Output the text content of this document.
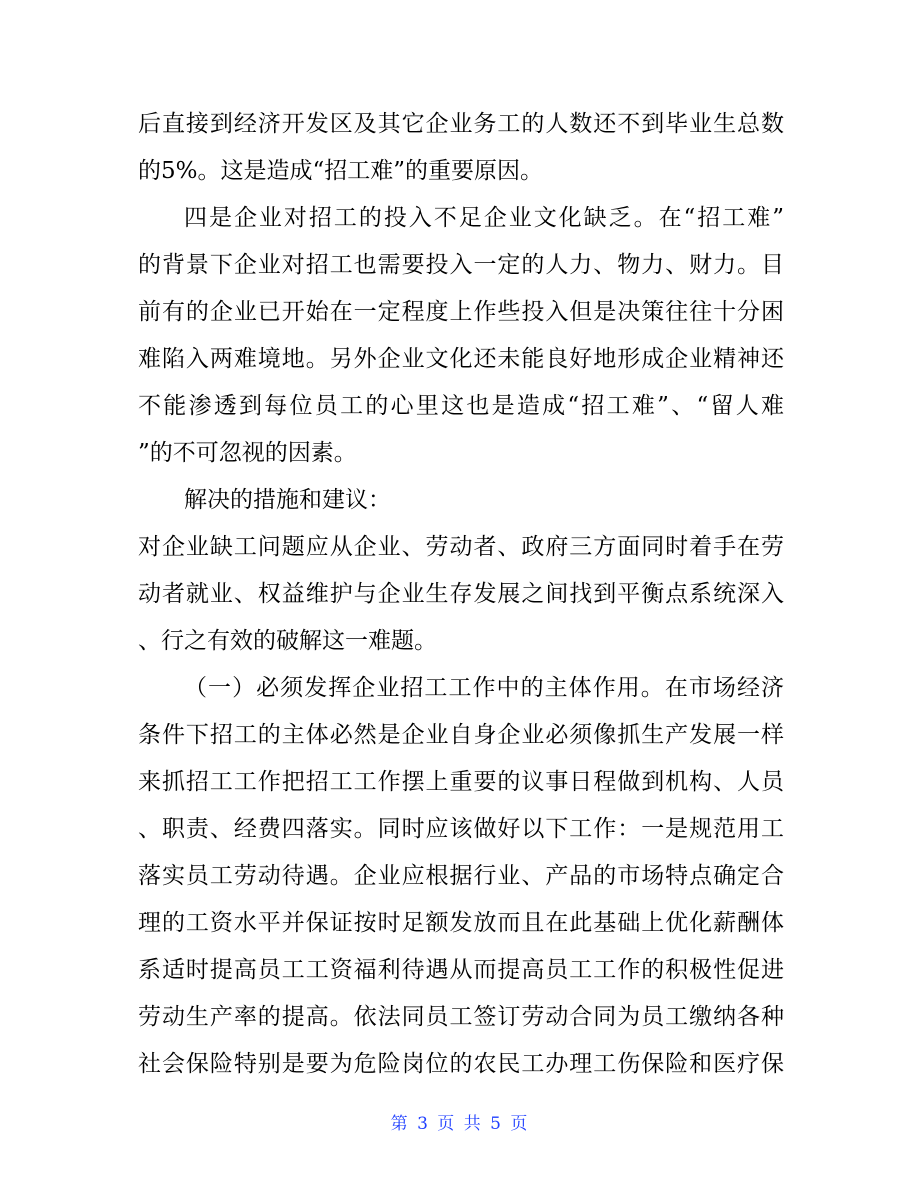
后直接到经济开发区及其它企业务工的人数还不到毕业生总数
的5%。这是造成“招工难”的重要原因。
四是企业对招工的投入不足企业文化缺乏。在“招工难”
的背景下企业对招工也需要投入一定的人力、物力、财力。目
前有的企业已开始在一定程度上作些投入但是决策往往十分困
难陷入两难境地。另外企业文化还未能良好地形成企业精神还
不能渗透到每位员工的心里这也是造成“招工难”、“留人难
”的不可忽视的因素。
解决的措施和建议：
对企业缺工问题应从企业、劳动者、政府三方面同时着手在劳
动者就业、权益维护与企业生存发展之间找到平衡点系统深入
、行之有效的破解这一难题。
（一）必须发挥企业招工工作中的主体作用。在市场经济
条件下招工的主体必然是企业自身企业必须像抓生产发展一样
来抓招工工作把招工工作摆上重要的议事日程做到机构、人员
、职责、经费四落实。同时应该做好以下工作：一是规范用工
落实员工劳动待遇。企业应根据行业、产品的市场特点确定合
理的工资水平并保证按时足额发放而且在此基础上优化薪酬体
系适时提高员工工资福利待遇从而提高员工工作的积极性促进
劳动生产率的提高。依法同员工签订劳动合同为员工缴纳各种
社会保险特别是要为危险岗位的农民工办理工伤保险和医疗保
第 3 页 共 5 页
